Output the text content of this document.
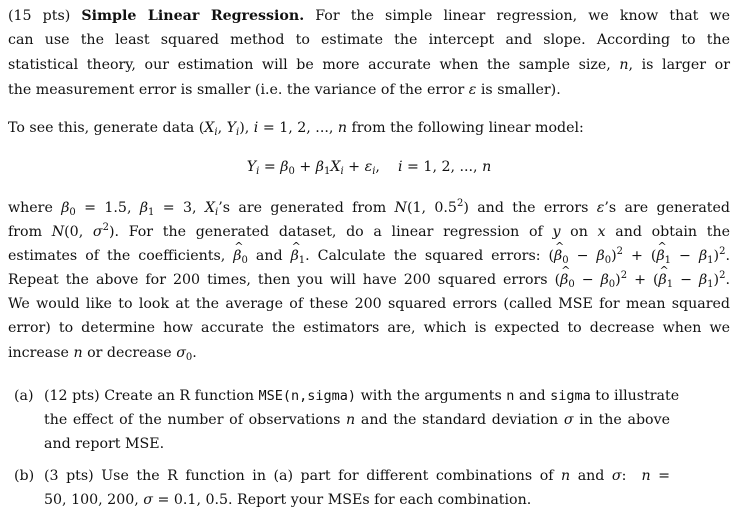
(15 pts) Simple Linear Regression. For the simple linear regression, we know that we
can use the least squared method to estimate the intercept and slope. According to the
statistical theory, our estimation will be more accurate when the sample size, n, is larger or
the measurement error is smaller (i.e. the variance of the error ε is smaller).
To see this, generate data ($X_i$, $Y_i$), i = 1, 2, ..., n from the following linear model:
$Y_i = \beta_0 + \beta_1X_i + \varepsilon_i$,    i = 1, 2, ..., n
where $\beta_0 = 1.5$, $\beta_1 = 3$, $X_i’s$ are generated from N(1, $0.5^2$) and the errors ε’s are generated
from N(0, $\sigma^2$). For the generated dataset, do a linear regression of y on x and obtain the
estimates of the coefficients, ^ $\beta_0$ and ^ $\beta_1$. Calculate the squared errors: (^ $\beta_0 - \beta_0)^2$ + (^ $\beta_1 - \beta_1)^2$.
Repeat the above for 200 times, then you will have 200 squared errors (^ $\beta_0 - \beta_0)^2$ + (^ $\beta_1 - \beta_1)^2$.
We would like to look at the average of these 200 squared errors (called MSE for mean squared
error) to determine how accurate the estimators are, which is expected to decrease when we
increase n or decrease $\sigma_0$.
(a) (12 pts) Create an R function MSE(n,sigma) with the arguments n and sigma to illustrate
the effect of the number of observations n and the standard deviation σ in the above
and report MSE.
(b) (3 pts) Use the R function in (a) part for different combinations of n and σ:  n =
50, 100, 200, σ = 0.1, 0.5. Report your MSEs for each combination.
